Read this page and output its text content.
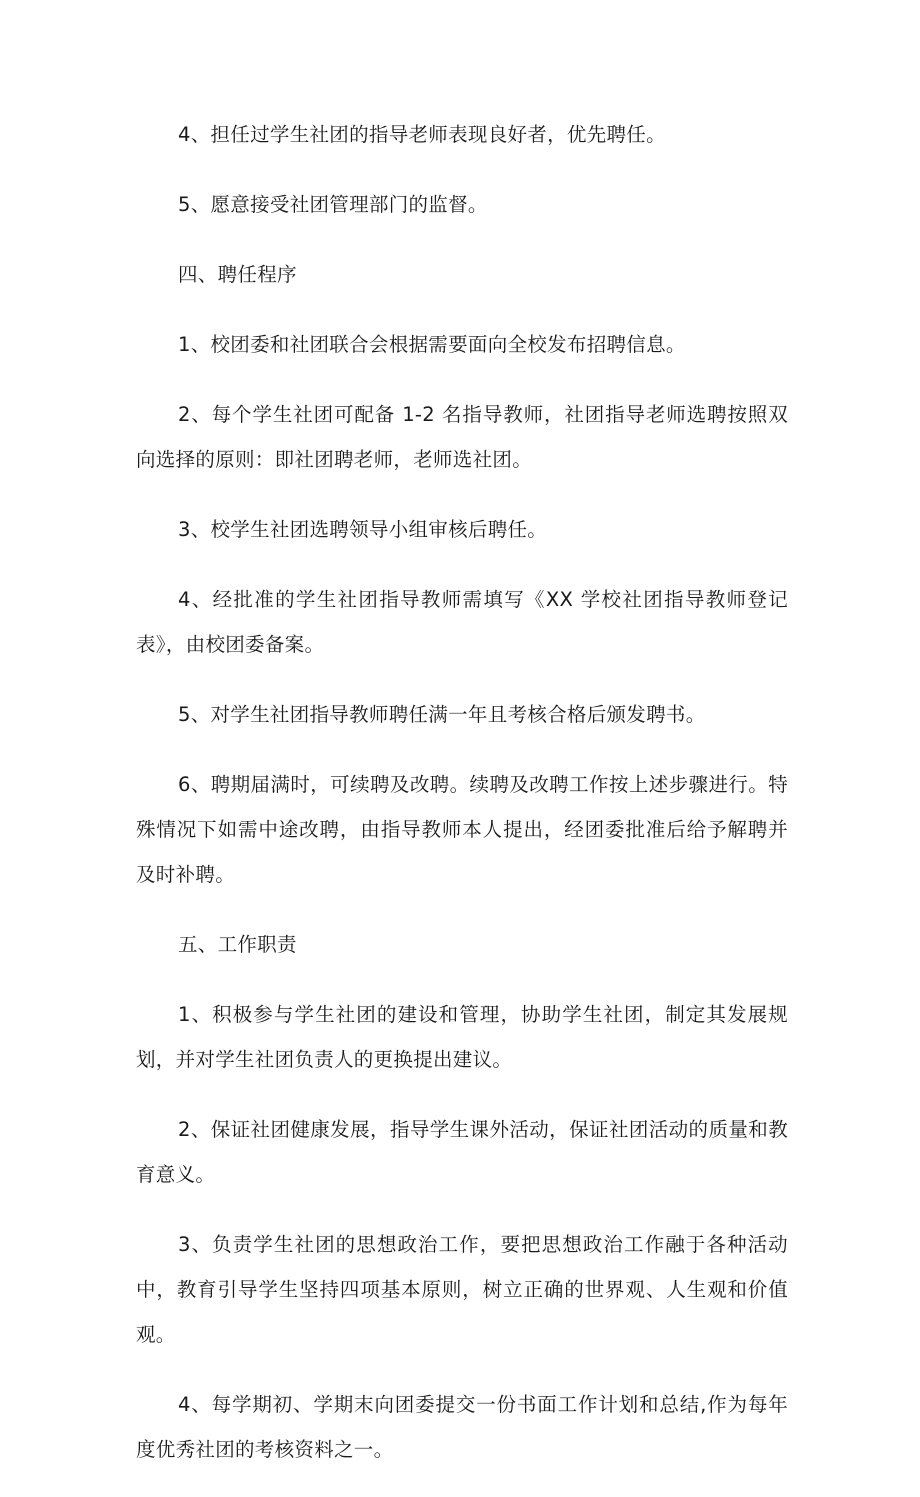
4、担任过学生社团的指导老师表现良好者，优先聘任。

5、愿意接受社团管理部门的监督。

四、聘任程序

1、校团委和社团联合会根据需要面向全校发布招聘信息。

2、每个学生社团可配备 1-2 名指导教师，社团指导老师选聘按照双向选择的原则：即社团聘老师，老师选社团。

3、校学生社团选聘领导小组审核后聘任。

4、经批准的学生社团指导教师需填写《XX 学校社团指导教师登记表》，由校团委备案。

5、对学生社团指导教师聘任满一年且考核合格后颁发聘书。

6、聘期届满时，可续聘及改聘。续聘及改聘工作按上述步骤进行。特殊情况下如需中途改聘，由指导教师本人提出，经团委批准后给予解聘并及时补聘。

五、工作职责

1、积极参与学生社团的建设和管理，协助学生社团，制定其发展规划，并对学生社团负责人的更换提出建议。

2、保证社团健康发展，指导学生课外活动，保证社团活动的质量和教育意义。

3、负责学生社团的思想政治工作，要把思想政治工作融于各种活动中，教育引导学生坚持四项基本原则，树立正确的世界观、人生观和价值观。

4、每学期初、学期末向团委提交一份书面工作计划和总结,作为每年度优秀社团的考核资料之一。
